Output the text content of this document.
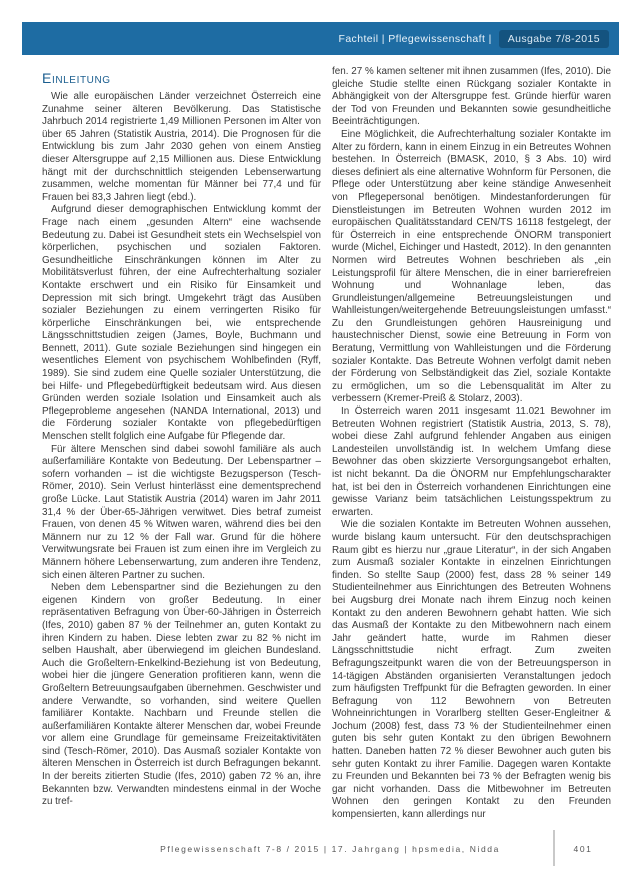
Fachteil | Pflegewissenschaft |	Ausgabe 7/8-2015
Einleitung

Wie alle europäischen Länder verzeichnet Österreich eine Zunahme seiner älteren Bevölkerung. Das Statistische Jahrbuch 2014 registrierte 1,49 Millionen Personen im Alter von über 65 Jahren (Statistik Austria, 2014). Die Prognosen für die Entwicklung bis zum Jahr 2030 gehen von einem Anstieg dieser Altersgruppe auf 2,15 Millionen aus. Diese Entwicklung hängt mit der durchschnittlich steigenden Lebenserwartung zusammen, welche momentan für Männer bei 77,4 und für Frauen bei 83,3 Jahren liegt (ebd.).

Aufgrund dieser demographischen Entwicklung kommt der Frage nach einem „gesunden Altern“ eine wachsende Bedeutung zu. Dabei ist Gesundheit stets ein Wechselspiel von körperlichen, psychischen und sozialen Faktoren. Gesundheitliche Einschränkungen können im Alter zu Mobilitätsverlust führen, der eine Aufrechterhaltung sozialer Kontakte erschwert und ein Risiko für Einsamkeit und Depression mit sich bringt. Umgekehrt trägt das Ausüben sozialer Beziehungen zu einem verringerten Risiko für körperliche Einschränkungen bei, wie entsprechende Längsschnittstudien zeigen (James, Boyle, Buchmann und Bennett, 2011). Gute soziale Beziehungen sind hingegen ein wesentliches Element von psychischem Wohlbefinden (Ryff, 1989). Sie sind zudem eine Quelle sozialer Unterstützung, die bei Hilfe- und Pflegebedürftigkeit bedeutsam wird. Aus diesen Gründen werden soziale Isolation und Einsamkeit auch als Pflegeprobleme angesehen (NANDA International, 2013) und die Förderung sozialer Kontakte von pflegebedürftigen Menschen stellt folglich eine Aufgabe für Pflegende dar.

Für ältere Menschen sind dabei sowohl familiäre als auch außerfamiliäre Kontakte von Bedeutung. Der Lebenspartner – sofern vorhanden – ist die wichtigste Bezugsperson (Tesch-Römer, 2010). Sein Verlust hinterlässt eine dementsprechend große Lücke. Laut Statistik Austria (2014) waren im Jahr 2011 31,4 % der Über-65-Jährigen verwitwet. Dies betraf zumeist Frauen, von denen 45 % Witwen waren, während dies bei den Männern nur zu 12 % der Fall war. Grund für die höhere Verwitwungsrate bei Frauen ist zum einen ihre im Vergleich zu Männern höhere Lebenserwartung, zum anderen ihre Tendenz, sich einen älteren Partner zu suchen.

Neben dem Lebenspartner sind die Beziehungen zu den eigenen Kindern von großer Bedeutung. In einer repräsentativen Befragung von Über-60-Jährigen in Österreich (Ifes, 2010) gaben 87 % der Teilnehmer an, guten Kontakt zu ihren Kindern zu haben. Diese lebten zwar zu 82 % nicht im selben Haushalt, aber überwiegend im gleichen Bundesland. Auch die Großeltern-Enkelkind-Beziehung ist von Bedeutung, wobei hier die jüngere Generation profitieren kann, wenn die Großeltern Betreuungsaufgaben übernehmen. Geschwister und andere Verwandte, so vorhanden, sind weitere Quellen familiärer Kontakte. Nachbarn und Freunde stellen die außerfamiliären Kontakte älterer Menschen dar, wobei Freunde vor allem eine Grundlage für gemeinsame Freizeitaktivitäten sind (Tesch-Römer, 2010). Das Ausmaß sozialer Kontakte von älteren Menschen in Österreich ist durch Befragungen bekannt. In der bereits zitierten Studie (Ifes, 2010) gaben 72 % an, ihre Bekannten bzw. Verwandten mindestens einmal in der Woche zu tref-

fen. 27 % kamen seltener mit ihnen zusammen (Ifes, 2010). Die gleiche Studie stellte einen Rückgang sozialer Kontakte in Abhängigkeit von der Altersgruppe fest. Gründe hierfür waren der Tod von Freunden und Bekannten sowie gesundheitliche Beeinträchtigungen.

Eine Möglichkeit, die Aufrechterhaltung sozialer Kontakte im Alter zu fördern, kann in einem Einzug in ein Betreutes Wohnen bestehen. In Österreich (BMASK, 2010, § 3 Abs. 10) wird dieses definiert als eine alternative Wohnform für Personen, die Pflege oder Unterstützung aber keine ständige Anwesenheit von Pflegepersonal benötigen. Mindestanforderungen für Dienstleistungen im Betreuten Wohnen wurden 2012 im europäischen Qualitätsstandard CEN/TS 16118 festgelegt, der für Österreich in eine entsprechende ÖNORM transponiert wurde (Michel, Eichinger und Hastedt, 2012). In den genannten Normen wird Betreutes Wohnen beschrieben als „ein Leistungsprofil für ältere Menschen, die in einer barrierefreien Wohnung und Wohnanlage leben, das Grundleistungen/allgemeine Betreuungsleistungen und Wahlleistungen/weitergehende Betreuungsleistungen umfasst.“ Zu den Grundleistungen gehören Hausreinigung und haustechnischer Dienst, sowie eine Betreuung in Form von Beratung, Vermittlung von Wahlleistungen und die Förderung sozialer Kontakte. Das Betreute Wohnen verfolgt damit neben der Förderung von Selbständigkeit das Ziel, soziale Kontakte zu ermöglichen, um so die Lebensqualität im Alter zu verbessern (Kremer-Preiß & Stolarz, 2003).

In Österreich waren 2011 insgesamt 11.021 Bewohner im Betreuten Wohnen registriert (Statistik Austria, 2013, S. 78), wobei diese Zahl aufgrund fehlender Angaben aus einigen Landesteilen unvollständig ist. In welchem Umfang diese Bewohner das oben skizzierte Versorgungsangebot erhalten, ist nicht bekannt. Da die ÖNORM nur Empfehlungscharakter hat, ist bei den in Österreich vorhandenen Einrichtungen eine gewisse Varianz beim tatsächlichen Leistungsspektrum zu erwarten.

Wie die sozialen Kontakte im Betreuten Wohnen aussehen, wurde bislang kaum untersucht. Für den deutschsprachigen Raum gibt es hierzu nur „graue Literatur“, in der sich Angaben zum Ausmaß sozialer Kontakte in einzelnen Einrichtungen finden. So stellte Saup (2000) fest, dass 28 % seiner 149 Studienteilnehmer aus Einrichtungen des Betreuten Wohnens bei Augsburg drei Monate nach ihrem Einzug noch keinen Kontakt zu den anderen Bewohnern gehabt hatten. Wie sich das Ausmaß der Kontakte zu den Mitbewohnern nach einem Jahr geändert hatte, wurde im Rahmen dieser Längsschnittstudie nicht erfragt. Zum zweiten Befragungszeitpunkt waren die von der Betreuungsperson in 14-tägigen Abständen organisierten Veranstaltungen jedoch zum häufigsten Treffpunkt für die Befragten geworden. In einer Befragung von 112 Bewohnern von Betreuten Wohneinrichtungen in Vorarlberg stellten Geser-Engleitner & Jochum (2008) fest, dass 73 % der Studienteilnehmer einen guten bis sehr guten Kontakt zu den übrigen Bewohnern hatten. Daneben hatten 72 % dieser Bewohner auch guten bis sehr guten Kontakt zu ihrer Familie. Dagegen waren Kontakte zu Freunden und Bekannten bei 73 % der Befragten wenig bis gar nicht vorhanden. Dass die Mitbewohner im Betreuten Wohnen den geringen Kontakt zu den Freunden kompensierten, kann allerdings nur

Pflegewissenschaft 7-8 / 2015 | 17. Jahrgang | hpsmedia, Nidda	401
